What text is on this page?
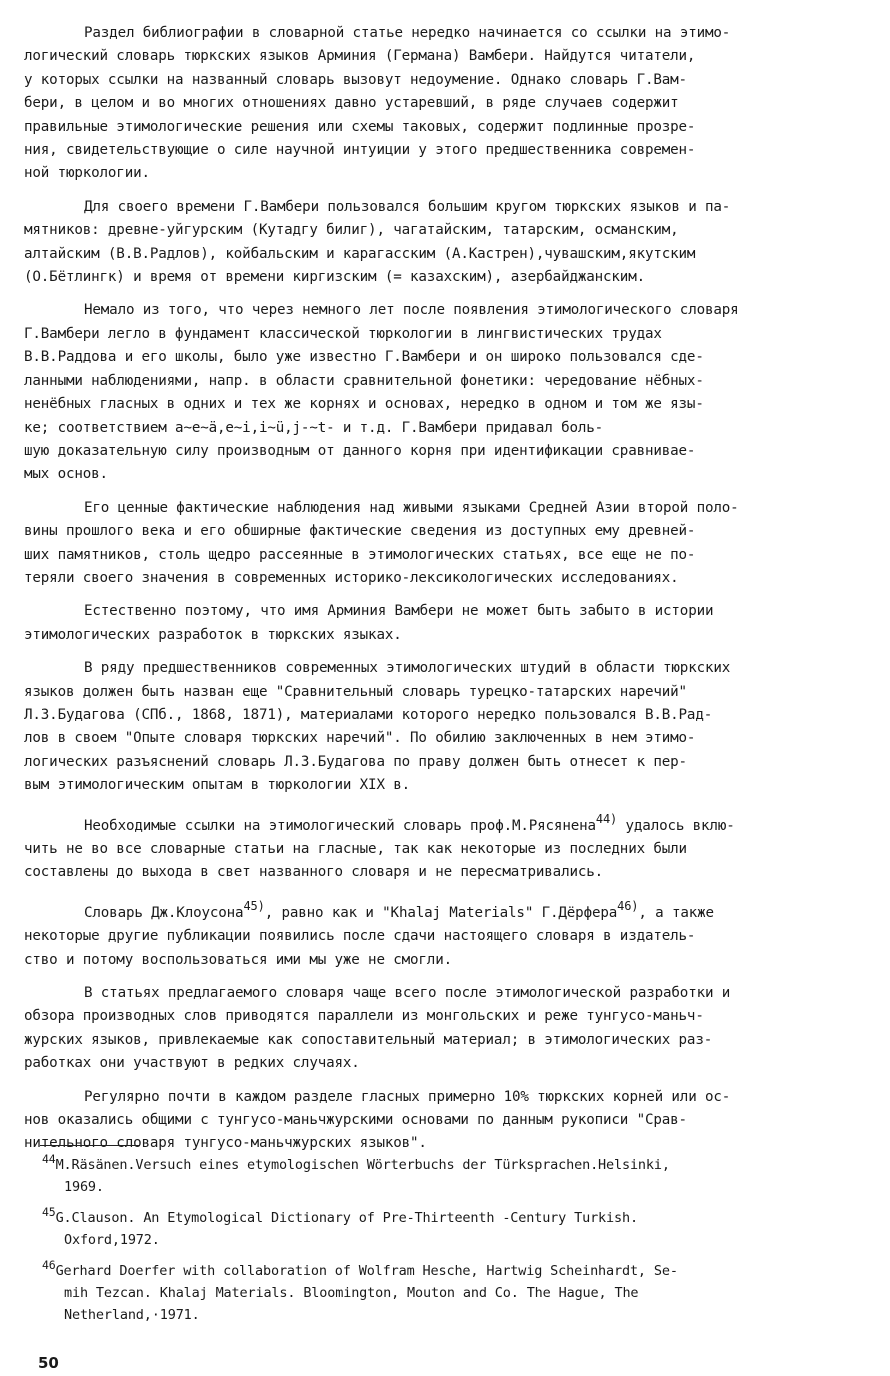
Раздел библиографии в словарной статье нередко начинается со ссылки на этимо-
логический словарь тюркских языков Арминия (Германа) Вамбери. Найдутся читатели,
у которых ссылки на названный словарь вызовут недоумение. Однако словарь Г.Вам-
бери, в целом и во многих отношениях давно устаревший, в ряде случаев содержит
правильные этимологические решения или схемы таковых, содержит подлинные прозре-
ния, свидетельствующие о силе научной интуиции у этого предшественника современ-
ной тюркологии.
Для своего времени Г.Вамбери пользовался большим кругом тюркских языков и па-
мятников: древне-уйгурским (Кутадгу билиг), чагатайским, татарским, османским,
алтайским (В.В.Радлов), койбальским и карагасским (А.Кастрен),чувашским,якутским
(О.Бётлингк) и время от времени киргизским (= казахским), азербайджанским.
Немало из того, что через немного лет после появления этимологического словаря
Г.Вамбери легло в фундамент классической тюркологии в лингвистических трудах
В.В.Раддова и его школы, было уже известно Г.Вамбери и он широко пользовался сде-
ланными наблюдениями, напр. в области сравнительной фонетики: чередование нёбных-
ненёбных гласных в одних и тех же корнях и основах, нередко в одном и том же язы-
ке; соответствием а~е~ä,е~i,i~ü,j-~t- и т.д. Г.Вамбери придавал боль-
шую доказательную силу производным от данного корня при идентификации сравнивае-
мых основ.
Его ценные фактические наблюдения над живыми языками Средней Азии второй поло-
вины прошлого века и его обширные фактические сведения из доступных ему древней-
ших памятников, столь щедро рассеянные в этимологических статьях, все еще не по-
теряли своего значения в современных историко-лексикологических исследованиях.
Естественно поэтому, что имя Арминия Вамбери не может быть забыто в истории
этимологических разработок в тюркских языках.
В ряду предшественников современных этимологических штудий в области тюркских
языков должен быть назван еще "Сравнительный словарь турецко-татарских наречий"
Л.З.Будагова (СПб., 1868, 1871), материалами которого нередко пользовался В.В.Рад-
лов в своем "Опыте словаря тюркских наречий". По обилию заключенных в нем этимо-
логических разъяснений словарь Л.З.Будагова по праву должен быть отнесет к пер-
вым этимологическим опытам в тюркологии XIX в.
Необходимые ссылки на этимологический словарь проф.М.Рясянена$^{44)}$ удалось вклю-
чить не во все словарные статьи на гласные, так как некоторые из последних были
составлены до выхода в свет названного словаря и не пересматривались.
Словарь Дж.Клоусона$^{45)}$, равно как и "Khalaj Materials" Г.Дёрфера$^{46)}$, а также
некоторые другие публикации появились после сдачи настоящего словаря в издатель-
ство и потому воспользоваться ими мы уже не смогли.
В статьях предлагаемого словаря чаще всего после этимологической разработки и
обзора производных слов приводятся параллели из монгольских и реже тунгусо-маньч-
журских языков, привлекаемые как сопоставительный материал; в этимологических раз-
работках они участвуют в редких случаях.
Регулярно почти в каждом разделе гласных примерно 10% тюркских корней или ос-
нов оказались общими с тунгусо-маньчжурскими основами по данным рукописи "Срав-
нительного словаря тунгусо-маньчжурских языков".
44M.Räsänen.Versuch eines etymologischen Wörterbuchs der Türksprachen.Helsinki,
1969.
45G.Clauson. An Etymological Dictionary of Pre-Thirteenth -Century Turkish.
Oxford,1972.
46Gerhard Doerfer with collaboration of Wolfram Hesche, Hartwig Scheinhardt, Se-
mih Tezcan. Khalaj Materials. Bloomington, Mouton and Co. The Hague, The
Netherland,·1971.
50
